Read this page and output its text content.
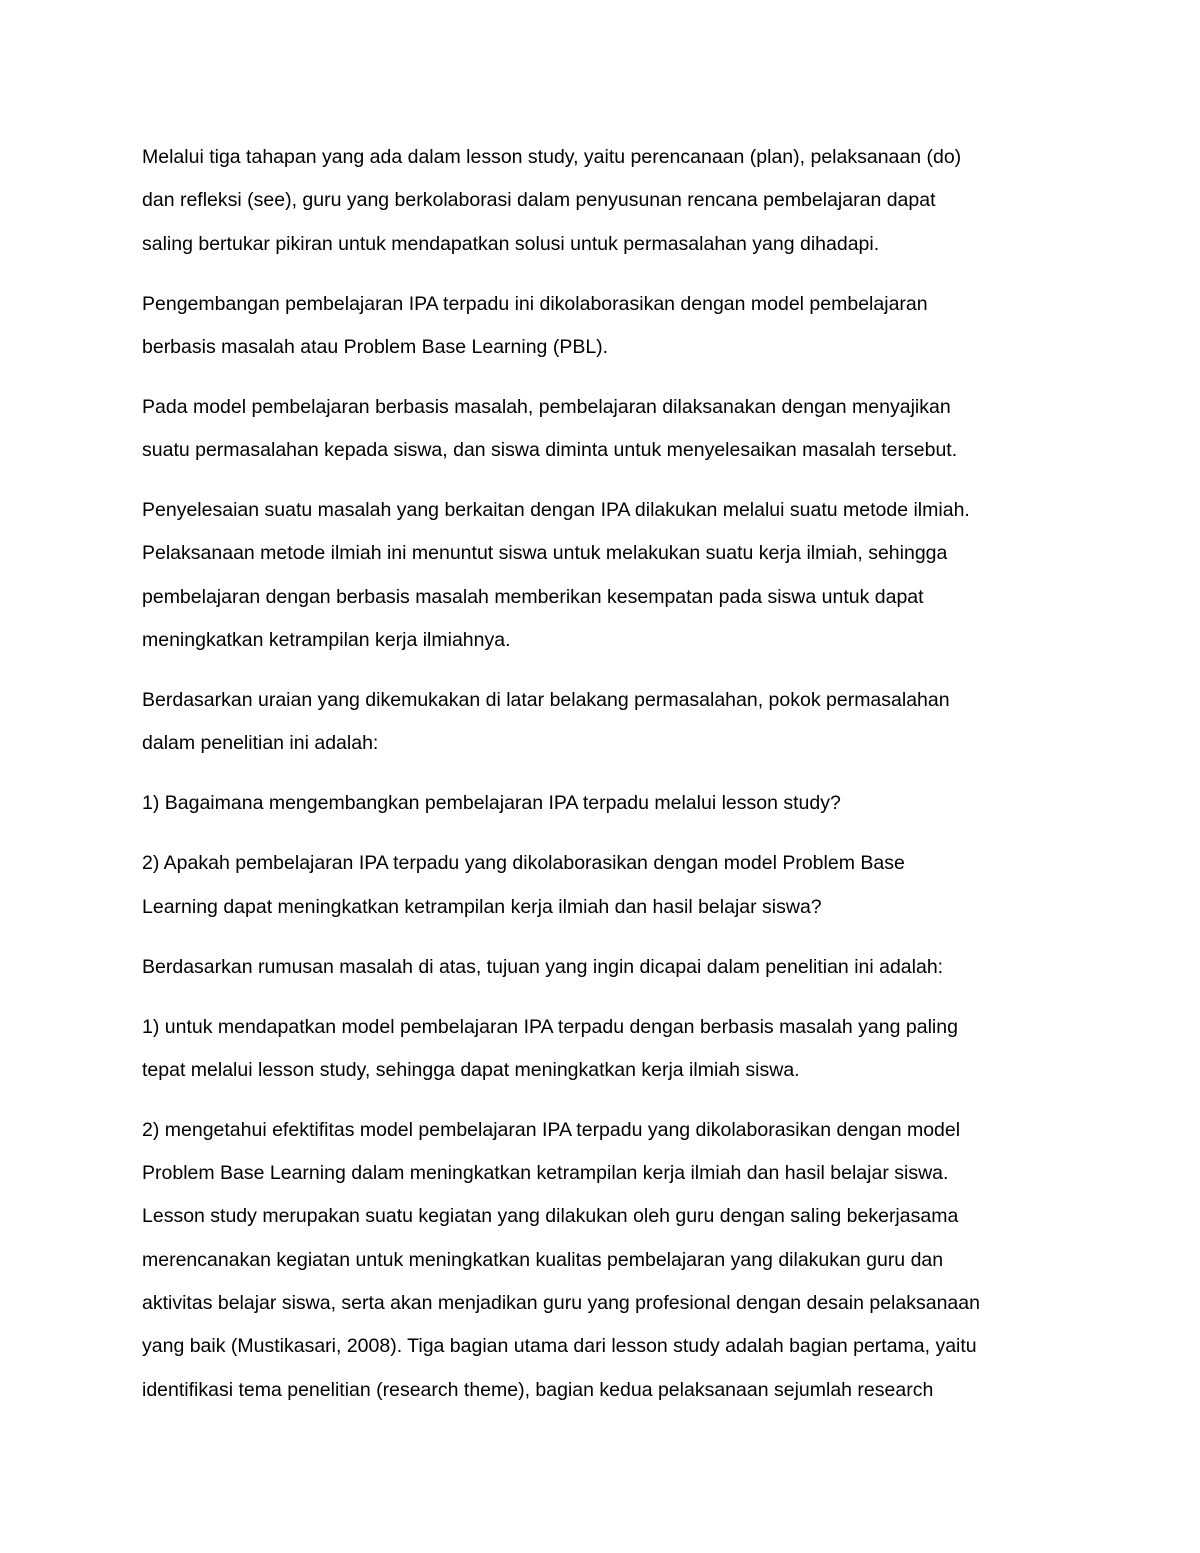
Melalui tiga tahapan yang ada dalam lesson study, yaitu perencanaan (plan), pelaksanaan (do)
dan refleksi (see), guru yang berkolaborasi dalam penyusunan rencana pembelajaran dapat
saling bertukar pikiran untuk mendapatkan solusi untuk permasalahan yang dihadapi.

Pengembangan pembelajaran IPA terpadu ini dikolaborasikan dengan model pembelajaran
berbasis masalah atau Problem Base Learning (PBL).

Pada model pembelajaran berbasis masalah, pembelajaran dilaksanakan dengan menyajikan
suatu permasalahan kepada siswa, dan siswa diminta untuk menyelesaikan masalah tersebut.

Penyelesaian suatu masalah yang berkaitan dengan IPA dilakukan melalui suatu metode ilmiah.
Pelaksanaan metode ilmiah ini menuntut siswa untuk melakukan suatu kerja ilmiah, sehingga
pembelajaran dengan berbasis masalah memberikan kesempatan pada siswa untuk dapat
meningkatkan ketrampilan kerja ilmiahnya.

Berdasarkan uraian yang dikemukakan di latar belakang permasalahan, pokok permasalahan
dalam penelitian ini adalah:

1) Bagaimana mengembangkan pembelajaran IPA terpadu melalui lesson study?

2) Apakah pembelajaran IPA terpadu yang dikolaborasikan dengan model Problem Base
Learning dapat meningkatkan ketrampilan kerja ilmiah dan hasil belajar siswa?

Berdasarkan rumusan masalah di atas, tujuan yang ingin dicapai dalam penelitian ini adalah:

1) untuk mendapatkan model pembelajaran IPA terpadu dengan berbasis masalah yang paling
tepat melalui lesson study, sehingga dapat meningkatkan kerja ilmiah siswa.

2) mengetahui efektifitas model pembelajaran IPA terpadu yang dikolaborasikan dengan model
Problem Base Learning dalam meningkatkan ketrampilan kerja ilmiah dan hasil belajar siswa.
Lesson study merupakan suatu kegiatan yang dilakukan oleh guru dengan saling bekerjasama
merencanakan kegiatan untuk meningkatkan kualitas pembelajaran yang dilakukan guru dan
aktivitas belajar siswa, serta akan menjadikan guru yang profesional dengan desain pelaksanaan
yang baik (Mustikasari, 2008). Tiga bagian utama dari lesson study adalah bagian pertama, yaitu
identifikasi tema penelitian (research theme), bagian kedua pelaksanaan sejumlah research
